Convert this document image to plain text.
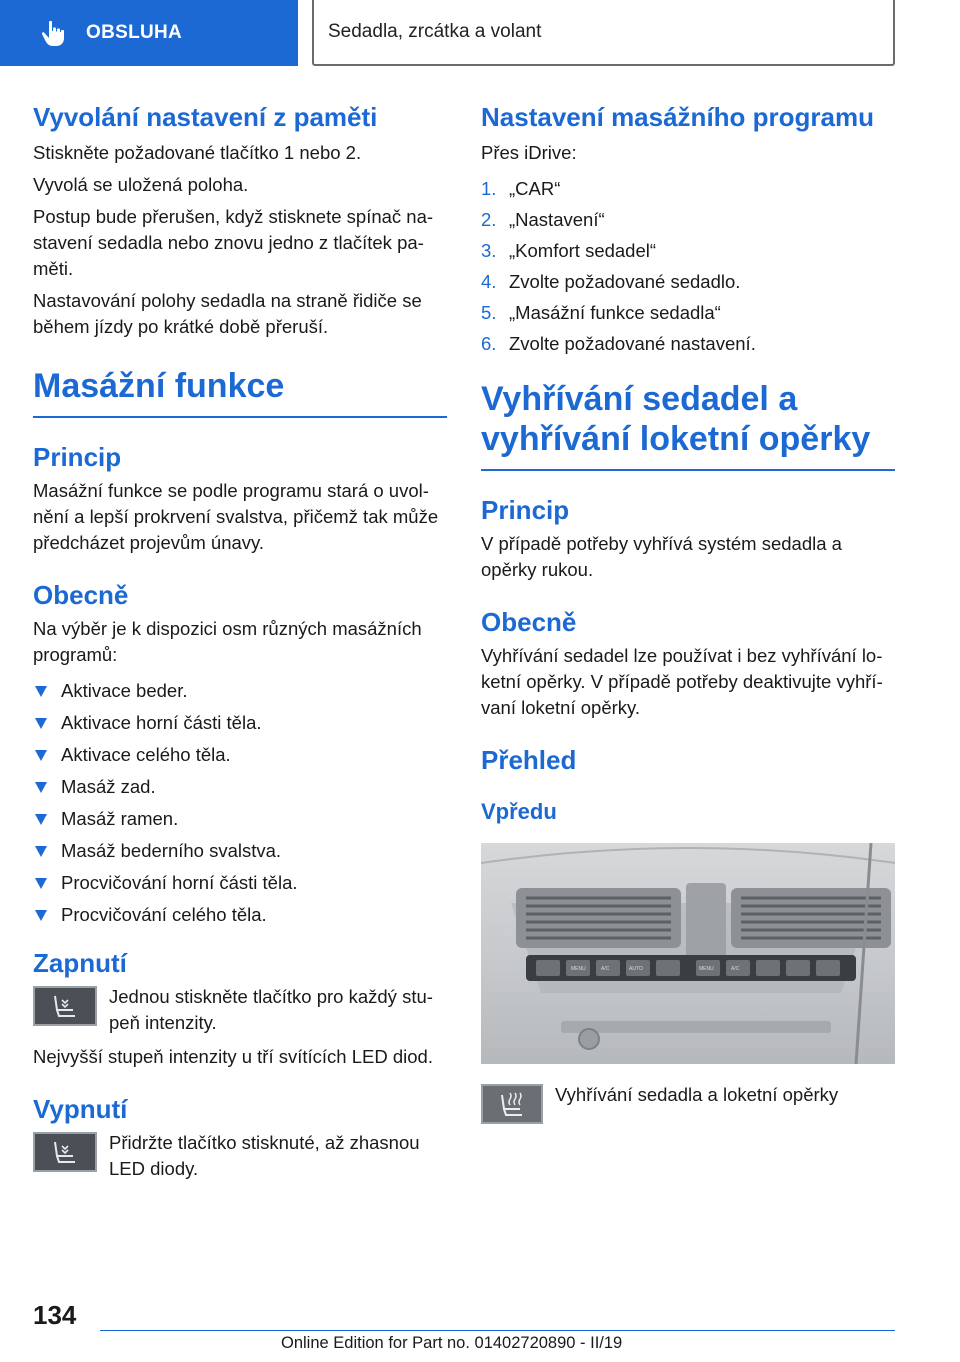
OBSLUHA	Sedadla, zrcátka a volant
Vyvolání nastavení z paměti

Stiskněte požadované tlačítko 1 nebo 2.

Vyvolá se uložená poloha.

Postup bude přerušen, když stisknete spínač na-stavení sedadla nebo znovu jedno z tlačítek pa-měti.

Nastavování polohy sedadla na straně řidiče se během jízdy po krátké době přeruší.

Masážní funkce
Princip

Masážní funkce se podle programu stará o uvol-nění a lepší prokrvení svalstva, přičemž tak může předcházet projevům únavy.

Obecně

Na výběr je k dispozici osm různých masážních programů:

Aktivace beder.
Aktivace horní části těla.
Aktivace celého těla.
Masáž zad.
Masáž ramen.
Masáž bederního svalstva.
Procvičování horní části těla.
Procvičování celého těla.
Zapnutí

Jednou stiskněte tlačítko pro každý stu-peň intenzity.

Nejvyšší stupeň intenzity u tří svítících LED diod.

Vypnutí

Přidržte tlačítko stisknuté, až zhasnou LED diody.

Nastavení masážního programu

Přes iDrive:

1. „CAR“
2. „Nastavení“
3. „Komfort sedadel“
4. Zvolte požadované sedadlo.
5. „Masážní funkce sedadla“
6. Zvolte požadované nastavení.
Vyhřívání sedadel a vyhřívání loketní opěrky
Princip

V případě potřeby vyhřívá systém sedadla a opěrky rukou.

Obecně

Vyhřívání sedadel lze používat i bez vyhřívání lo-ketní opěrky. V případě potřeby deaktivujte vyhří-vaní loketní opěrky.

Přehled
Vpředu
MENU	A/C	AUTO	MENU	A/C

Vyhřívání sedadla a loketní opěrky

134
Online Edition for Part no. 01402720890 - II/19
